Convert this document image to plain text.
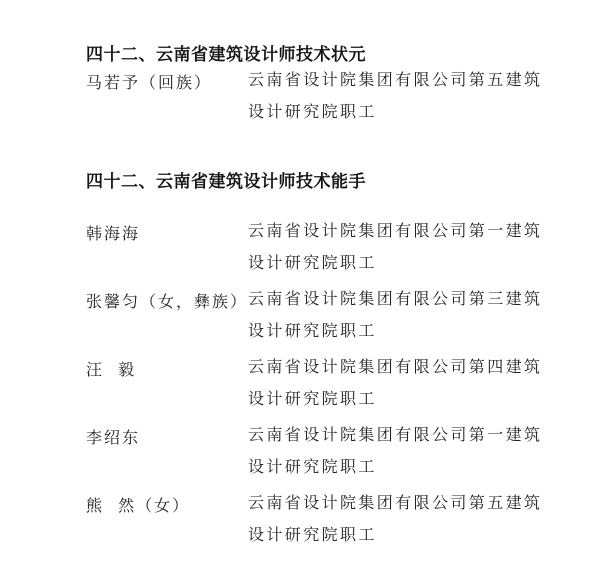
四十二、云南省建筑设计师技术状元
马若予（回族） 云南省设计院集团有限公司第五建筑设计研究院职工
四十二、云南省建筑设计师技术能手
韩海海	云南省设计院集团有限公司第一建筑设计研究院职工
张馨匀（女，彝族） 云南省设计院集团有限公司第三建筑设计研究院职工
汪  毅	云南省设计院集团有限公司第四建筑设计研究院职工
李绍东	云南省设计院集团有限公司第一建筑设计研究院职工
熊  然（女）	云南省设计院集团有限公司第五建筑设计研究院职工
